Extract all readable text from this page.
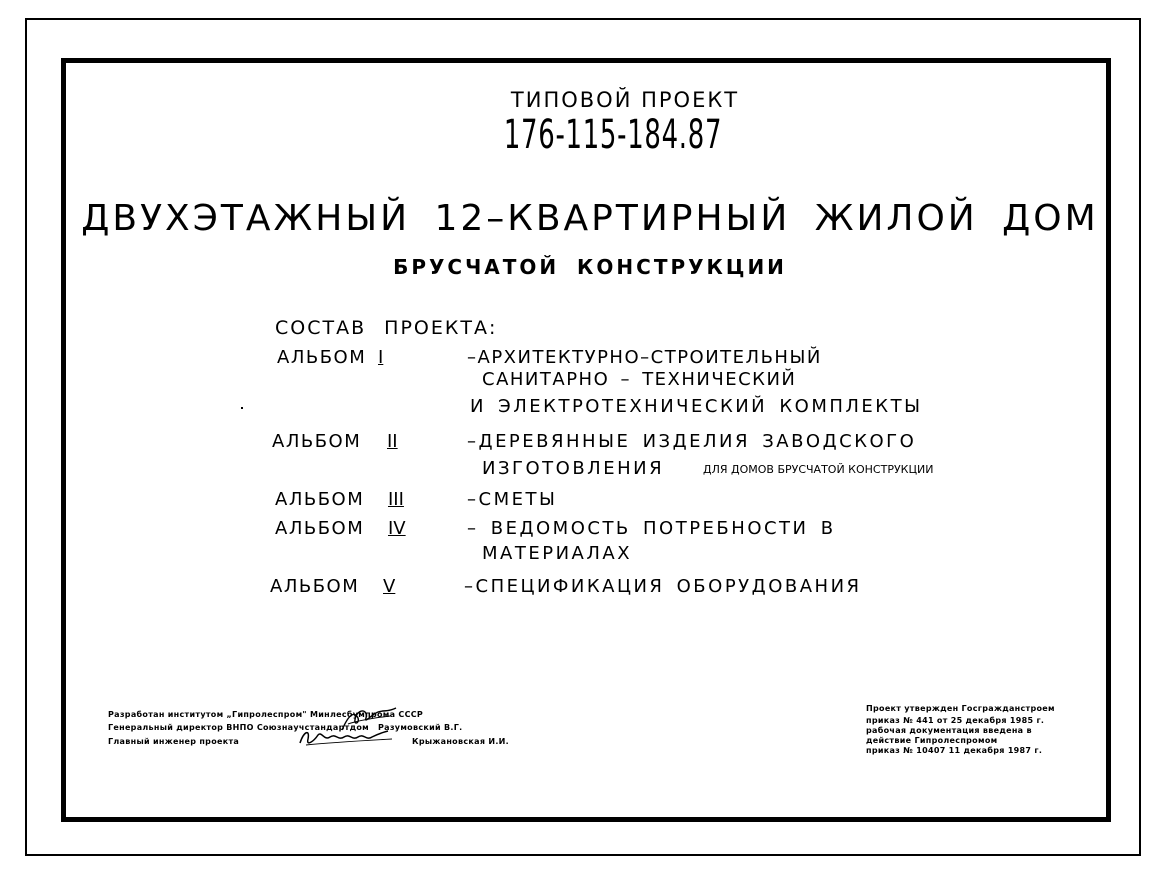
ТИПОВОЙ ПРОЕКТ
176-115-184.87
ДВУХЭТАЖНЫЙ 12–КВАРТИРНЫЙ ЖИЛОЙ ДОМ
БРУСЧАТОЙ КОНСТРУКЦИИ
СОСТАВ ПРОЕКТА:
АЛЬБОМ I	–АРХИТЕКТУРНО–СТРОИТЕЛЬНЫЙ
САНИТАРНО – ТЕХНИЧЕСКИЙ
И ЭЛЕКТРОТЕХНИЧЕСКИЙ КОМПЛЕКТЫ
АЛЬБОМ II	–ДЕРЕВЯННЫЕ ИЗДЕЛИЯ ЗАВОДСКОГО
ИЗГОТОВЛЕНИЯ	ДЛЯ ДОМОВ БРУСЧАТОЙ КОНСТРУКЦИИ
АЛЬБОМ III	–СМЕТЫ
АЛЬБОМ IV	– ВЕДОМОСТЬ ПОТРЕБНОСТИ В
МАТЕРИАЛАХ
АЛЬБОМ V	–СПЕЦИФИКАЦИЯ ОБОРУДОВАНИЯ
Разработан институтом „Гипролеспром" Минлесбумпрома СССР
Генеральный директор ВНПО Союзнаучстандартдом Разумовский В.Г.
Главный инженер проекта	Крыжановская И.И.
Проект утвержден Госгражданстроем
приказ № 441 от 25 декабря 1985 г.
рабочая документация введена в
действие Гипролеспромом
приказ № 10407 11 декабря 1987 г.
